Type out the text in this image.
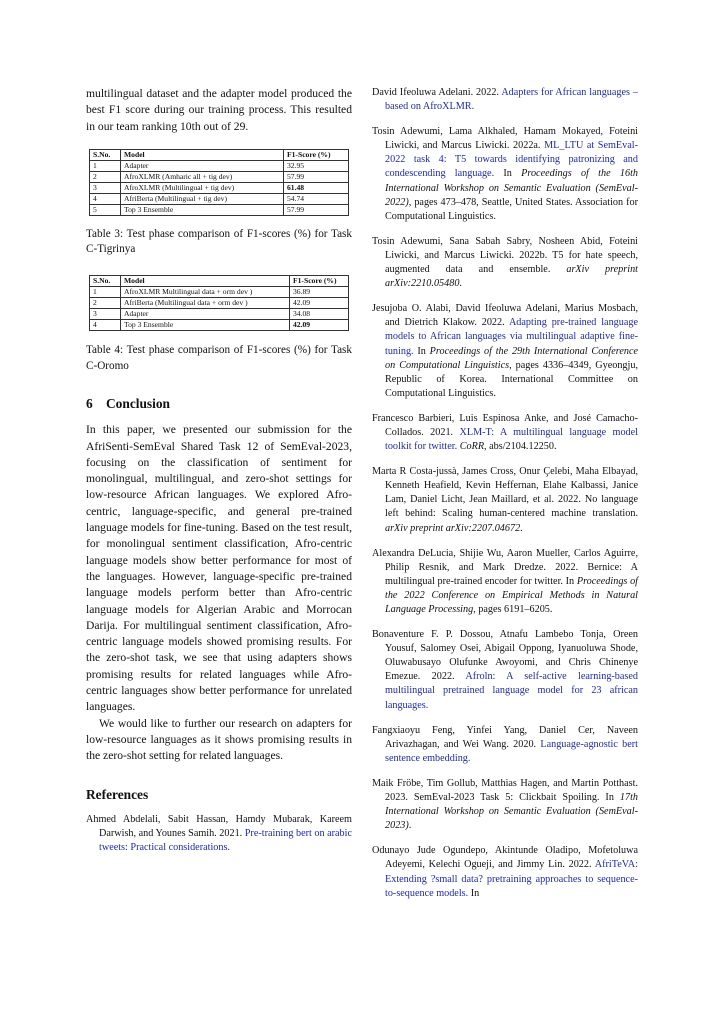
multilingual dataset and the adapter model produced the best F1 score during our training process. This resulted in our team ranking 10th out of 29.

S.No.	Model	F1-Score (%)
1	Adapter	32.95
2	AfroXLMR (Amharic all + tig dev)	57.99
3	AfroXLMR (Multilingual + tig dev)	61.48
4	AfriBerta (Multilingual + tig dev)	54.74
5	Top 3 Ensemble	57.99

Table 3: Test phase comparison of F1-scores (%) for Task C-Tigrinya

S.No.	Model	F1-Score (%)
1	AfroXLMR Multilingual data + orm dev )	36.89
2	AfriBerta (Multilingual data + orm dev )	42.09
3	Adapter	34.08
4	Top 3 Ensemble	42.09

Table 4: Test phase comparison of F1-scores (%) for Task C-Oromo

6 Conclusion

In this paper, we presented our submission for the AfriSenti-SemEval Shared Task 12 of SemEval-2023, focusing on the classification of sentiment for monolingual, multilingual, and zero-shot settings for low-resource African languages. We explored Afro-centric, language-specific, and general pre-trained language models for fine-tuning. Based on the test result, for monolingual sentiment classification, Afro-centric language models show better performance for most of the languages. However, language-specific pre-trained language models perform better than Afro-centric language models for Algerian Arabic and Morrocan Darija. For multilingual sentiment classification, Afro-centric language models showed promising results. For the zero-shot task, we see that using adapters shows promising results for related languages while Afro-centric languages show better performance for unrelated languages.

We would like to further our research on adapters for low-resource languages as it shows promising results in the zero-shot setting for related languages.

References

Ahmed Abdelali, Sabit Hassan, Hamdy Mubarak, Kareem Darwish, and Younes Samih. 2021. Pre-training bert on arabic tweets: Practical considerations.

David Ifeoluwa Adelani. 2022. Adapters for African languages – based on AfroXLMR.

Tosin Adewumi, Lama Alkhaled, Hamam Mokayed, Foteini Liwicki, and Marcus Liwicki. 2022a. ML_LTU at SemEval-2022 task 4: T5 towards identifying patronizing and condescending language. In Proceedings of the 16th International Workshop on Semantic Evaluation (SemEval-2022), pages 473–478, Seattle, United States. Association for Computational Linguistics.

Tosin Adewumi, Sana Sabah Sabry, Nosheen Abid, Foteini Liwicki, and Marcus Liwicki. 2022b. T5 for hate speech, augmented data and ensemble. arXiv preprint arXiv:2210.05480.

Jesujoba O. Alabi, David Ifeoluwa Adelani, Marius Mosbach, and Dietrich Klakow. 2022. Adapting pre-trained language models to African languages via multilingual adaptive fine-tuning. In Proceedings of the 29th International Conference on Computational Linguistics, pages 4336–4349, Gyeongju, Republic of Korea. International Committee on Computational Linguistics.

Francesco Barbieri, Luis Espinosa Anke, and José Camacho-Collados. 2021. XLM-T: A multilingual language model toolkit for twitter. CoRR, abs/2104.12250.

Marta R Costa-jussà, James Cross, Onur Çelebi, Maha Elbayad, Kenneth Heafield, Kevin Heffernan, Elahe Kalbassi, Janice Lam, Daniel Licht, Jean Maillard, et al. 2022. No language left behind: Scaling human-centered machine translation. arXiv preprint arXiv:2207.04672.

Alexandra DeLucia, Shijie Wu, Aaron Mueller, Carlos Aguirre, Philip Resnik, and Mark Dredze. 2022. Bernice: A multilingual pre-trained encoder for twitter. In Proceedings of the 2022 Conference on Empirical Methods in Natural Language Processing, pages 6191–6205.

Bonaventure F. P. Dossou, Atnafu Lambebo Tonja, Oreen Yousuf, Salomey Osei, Abigail Oppong, Iyanuoluwa Shode, Oluwabusayo Olufunke Awoyomi, and Chris Chinenye Emezue. 2022. Afroln: A self-active learning-based multilingual pretrained language model for 23 african languages.

Fangxiaoyu Feng, Yinfei Yang, Daniel Cer, Naveen Arivazhagan, and Wei Wang. 2020. Language-agnostic bert sentence embedding.

Maik Fröbe, Tim Gollub, Matthias Hagen, and Martin Potthast. 2023. SemEval-2023 Task 5: Clickbait Spoiling. In 17th International Workshop on Semantic Evaluation (SemEval-2023).

Odunayo Jude Ogundepo, Akintunde Oladipo, Mofetoluwa Adeyemi, Kelechi Ogueji, and Jimmy Lin. 2022. AfriTeVA: Extending ?small data? pretraining approaches to sequence-to-sequence models. In
